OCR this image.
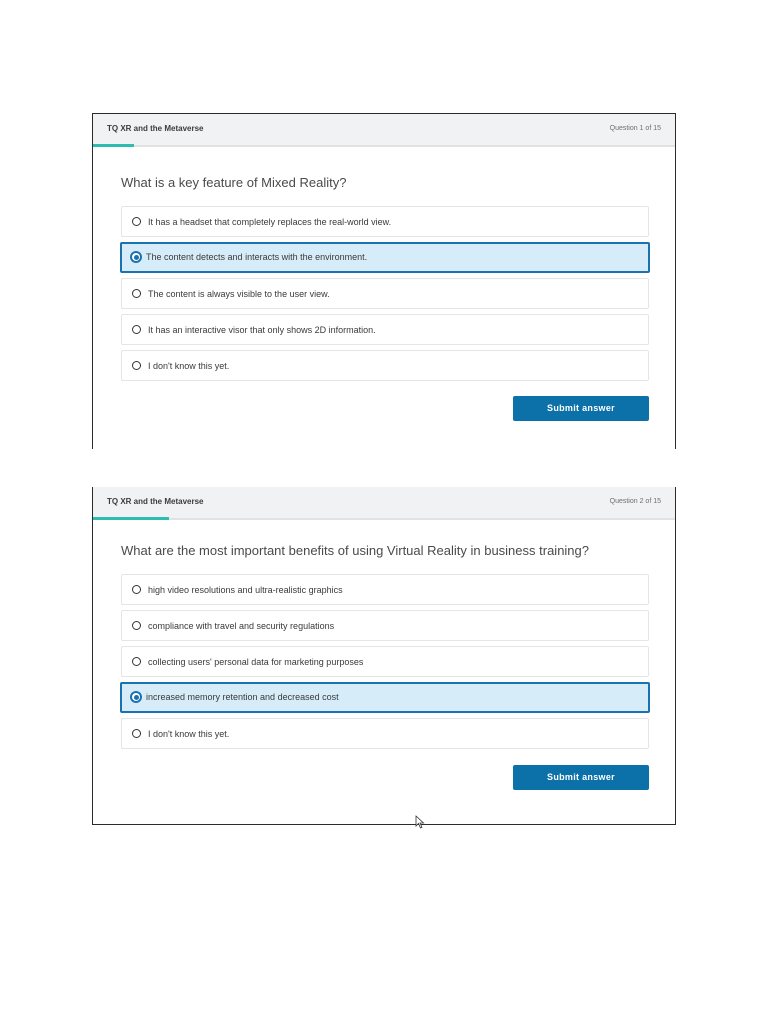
TQ XR and the Metaverse	Question 1 of 15
What is a key feature of Mixed Reality?
It has a headset that completely replaces the real-world view.
The content detects and interacts with the environment.
The content is always visible to the user view.
It has an interactive visor that only shows 2D information.
I don't know this yet.
Submit answer
TQ XR and the Metaverse	Question 2 of 15
What are the most important benefits of using Virtual Reality in business training?
high video resolutions and ultra-realistic graphics
compliance with travel and security regulations
collecting users' personal data for marketing purposes
increased memory retention and decreased cost
I don't know this yet.
Submit answer
